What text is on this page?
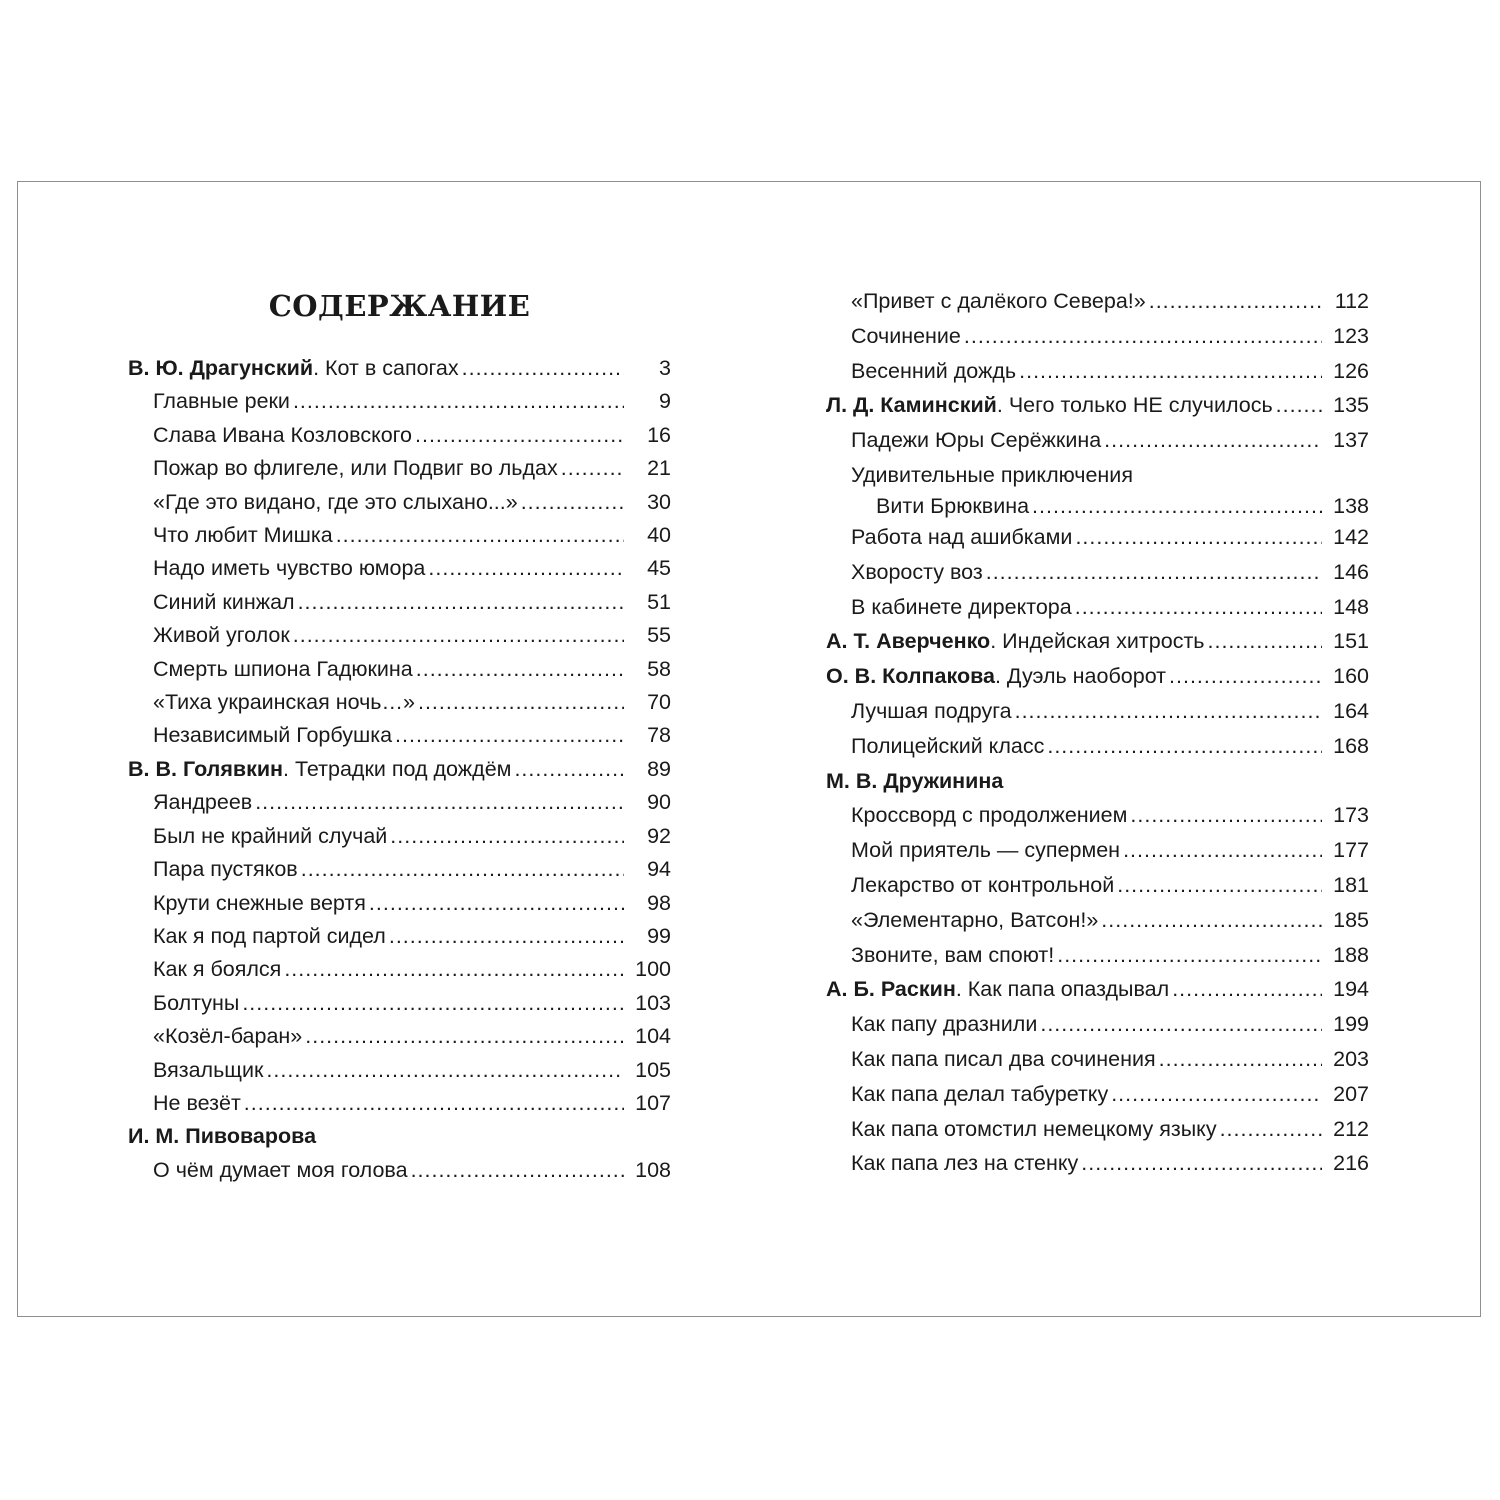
СОДЕРЖАНИЕ
В. Ю. Драгунский. Кот в сапогах .....	3
Главные реки .....	9
Слава Ивана Козловского .....	16
Пожар во флигеле, или Подвиг во льдах .....	21
«Где это видано, где это слыхано...» .....	30
Что любит Мишка .....	40
Надо иметь чувство юмора .....	45
Синий кинжал .....	51
Живой уголок .....	55
Смерть шпиона Гадюкина .....	58
«Тиха украинская ночь…» .....	70
Независимый Горбушка .....	78
В. В. Голявкин. Тетрадки под дождём .....	89
Яандреев .....	90
Был не крайний случай .....	92
Пара пустяков .....	94
Крути снежные вертя .....	98
Как я под партой сидел .....	99
Как я боялся .....	100
Болтуны .....	103
«Козёл-баран» .....	104
Вязальщик .....	105
Не везёт .....	107
И. М. Пивоварова
О чём думает моя голова .....	108
«Привет с далёкого Севера!» .....	112
Сочинение .....	123
Весенний дождь .....	126
Л. Д. Каминский. Чего только НЕ случилось .....	135
Падежи Юры Серёжкина .....	137
Удивительные приключения
Вити Брюквина .....	138
Работа над ашибками .....	142
Хворосту воз .....	146
В кабинете директора .....	148
А. Т. Аверченко. Индейская хитрость .....	151
О. В. Колпакова. Дуэль наоборот .....	160
Лучшая подруга .....	164
Полицейский класс .....	168
М. В. Дружинина
Кроссворд с продолжением .....	173
Мой приятель — супермен .....	177
Лекарство от контрольной .....	181
«Элементарно, Ватсон!» .....	185
Звоните, вам споют! .....	188
А. Б. Раскин. Как папа опаздывал .....	194
Как папу дразнили .....	199
Как папа писал два сочинения .....	203
Как папа делал табуретку .....	207
Как папа отомстил немецкому языку .....	212
Как папа лез на стенку .....	216
